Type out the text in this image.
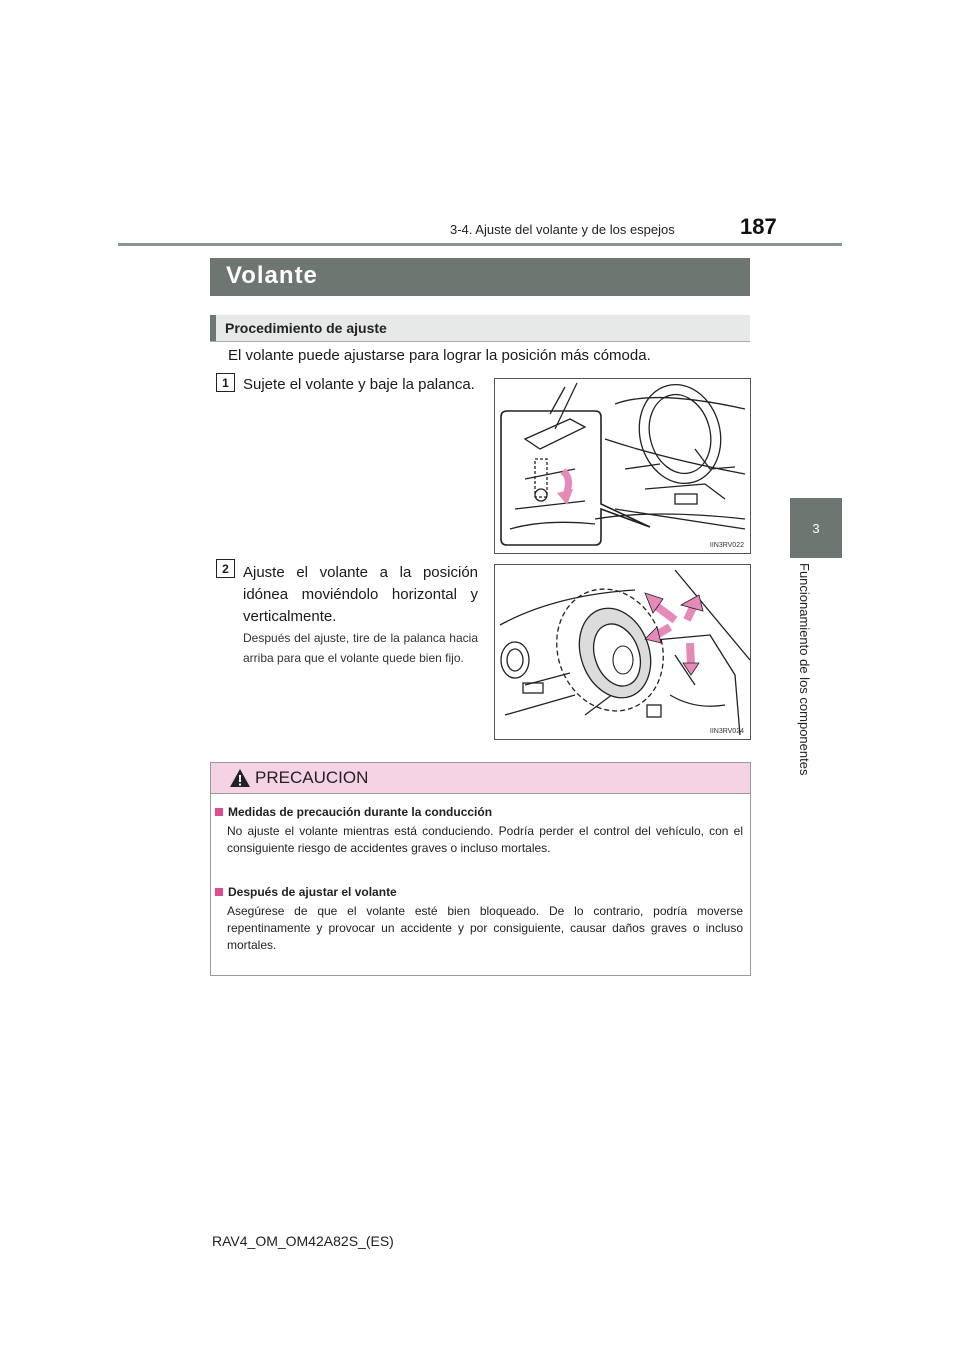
3-4. Ajuste del volante y de los espejos	187
3
Funcionamiento de los componentes
Volante
Procedimiento de ajuste
El volante puede ajustarse para lograr la posición más cómoda.
1 Sujete el volante y baje la palanca.
IIN3RV022
2 Ajuste el volante a la posición idónea moviéndolo horizontal y verticalmente.
Después del ajuste, tire de la palanca hacia arriba para que el volante quede bien fijo.
IIN3RV024
PRECAUCION
Medidas de precaución durante la conducción
No ajuste el volante mientras está conduciendo. Podría perder el control del vehículo, con el consiguiente riesgo de accidentes graves o incluso mortales.
Después de ajustar el volante
Asegúrese de que el volante esté bien bloqueado. De lo contrario, podría moverse repentinamente y provocar un accidente y por consiguiente, causar daños graves o incluso mortales.
RAV4_OM_OM42A82S_(ES)
